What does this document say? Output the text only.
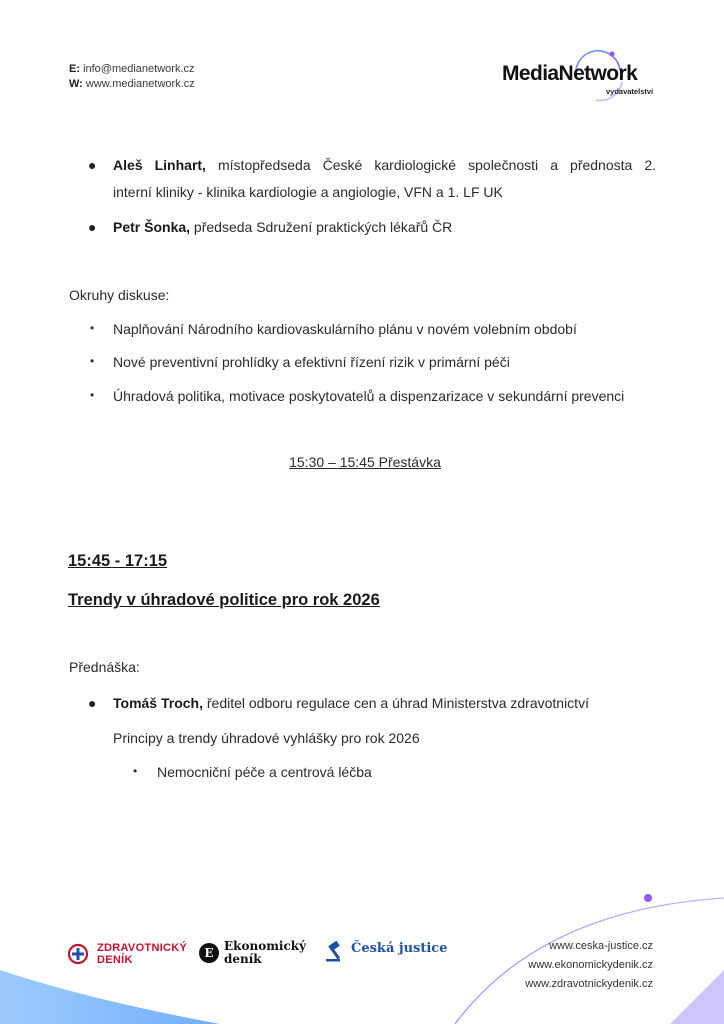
E: info@medianetwork.cz
W: www.medianetwork.cz	MediaNetwork
vydavatelství
● Aleš Linhart, místopředseda České kardiologické společnosti a přednosta 2.
interní kliniky - klinika kardiologie a angiologie, VFN a 1. LF UK
● Petr Šonka, předseda Sdružení praktických lékařů ČR
Okruhy diskuse:
• Naplňování Národního kardiovaskulárního plánu v novém volebním období
• Nové preventivní prohlídky a efektivní řízení rizik v primární péči
• Úhradová politika, motivace poskytovatelů a dispenzarizace v sekundární prevenci
15:30 – 15:45 Přestávka
15:45 - 17:15
Trendy v úhradové politice pro rok 2026
Přednáška:
● Tomáš Troch, ředitel odboru regulace cen a úhrad Ministerstva zdravotnictví
Principy a trendy úhradové vyhlášky pro rok 2026
• Nemocniční péče a centrová léčba
ZDRAVOTNICKÝ
DENÍK	E Ekonomický
deník
Česká justice	www.ceska-justice.cz
www.ekonomickydenik.cz
www.zdravotnickydenik.cz
